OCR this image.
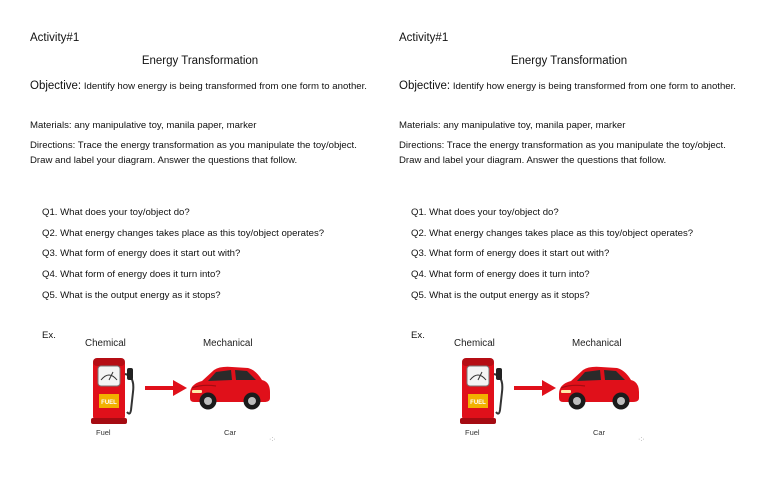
Activity#1
Energy Transformation
Objective: Identify how energy is being transformed from one form to another.
Materials: any manipulative toy, manila paper, marker
Directions: Trace the energy transformation as you manipulate the toy/object. Draw and label your diagram. Answer the questions that follow.
Q1. What does your toy/object do?
Q2. What energy changes takes place as this toy/object operates?
Q3. What form of energy does it start out with?
Q4. What form of energy does it turn into?
Q5. What is the output energy as it stops?
Ex.
Chemical	Mechanical
FUEL
Fuel	Car
·:·
Activity#1
Energy Transformation
Objective: Identify how energy is being transformed from one form to another.
Materials: any manipulative toy, manila paper, marker
Directions: Trace the energy transformation as you manipulate the toy/object. Draw and label your diagram. Answer the questions that follow.
Q1. What does your toy/object do?
Q2. What energy changes takes place as this toy/object operates?
Q3. What form of energy does it start out with?
Q4. What form of energy does it turn into?
Q5. What is the output energy as it stops?
Ex.
Chemical	Mechanical
FUEL
Fuel	Car
·:·
